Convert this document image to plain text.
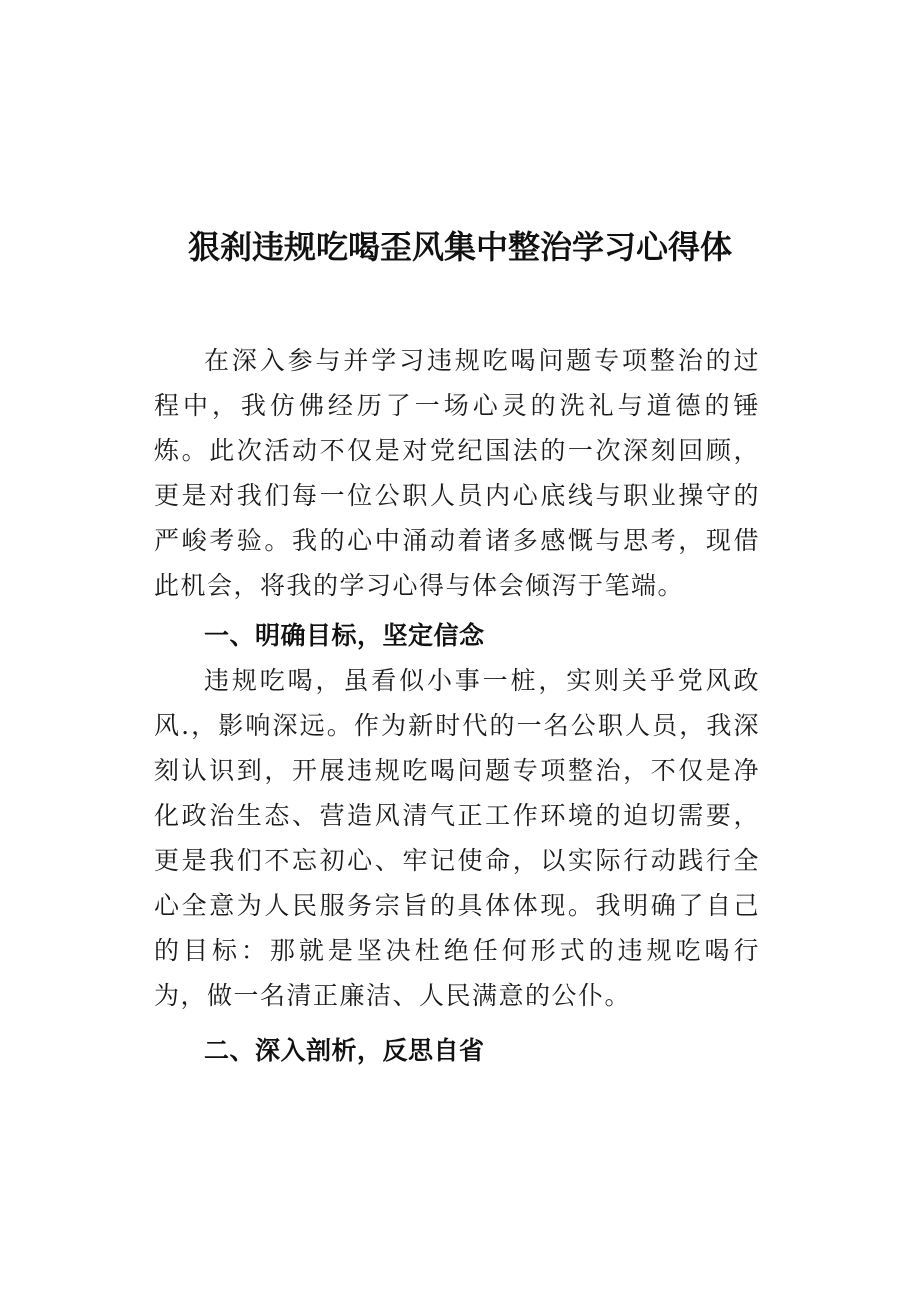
狠刹违规吃喝歪风集中整治学习心得体

在深入参与并学习违规吃喝问题专项整治的过程中，我仿佛经历了一场心灵的洗礼与道德的锤炼。此次活动不仅是对党纪国法的一次深刻回顾，更是对我们每一位公职人员内心底线与职业操守的严峻考验。我的心中涌动着诸多感慨与思考，现借此机会，将我的学习心得与体会倾泻于笔端。

一、明确目标，坚定信念

违规吃喝，虽看似小事一桩，实则关乎党风政风.，影响深远。作为新时代的一名公职人员，我深刻认识到，开展违规吃喝问题专项整治，不仅是净化政治生态、营造风清气正工作环境的迫切需要，更是我们不忘初心、牢记使命，以实际行动践行全心全意为人民服务宗旨的具体体现。我明确了自己的目标：那就是坚决杜绝任何形式的违规吃喝行为，做一名清正廉洁、人民满意的公仆。

二、深入剖析，反思自省
